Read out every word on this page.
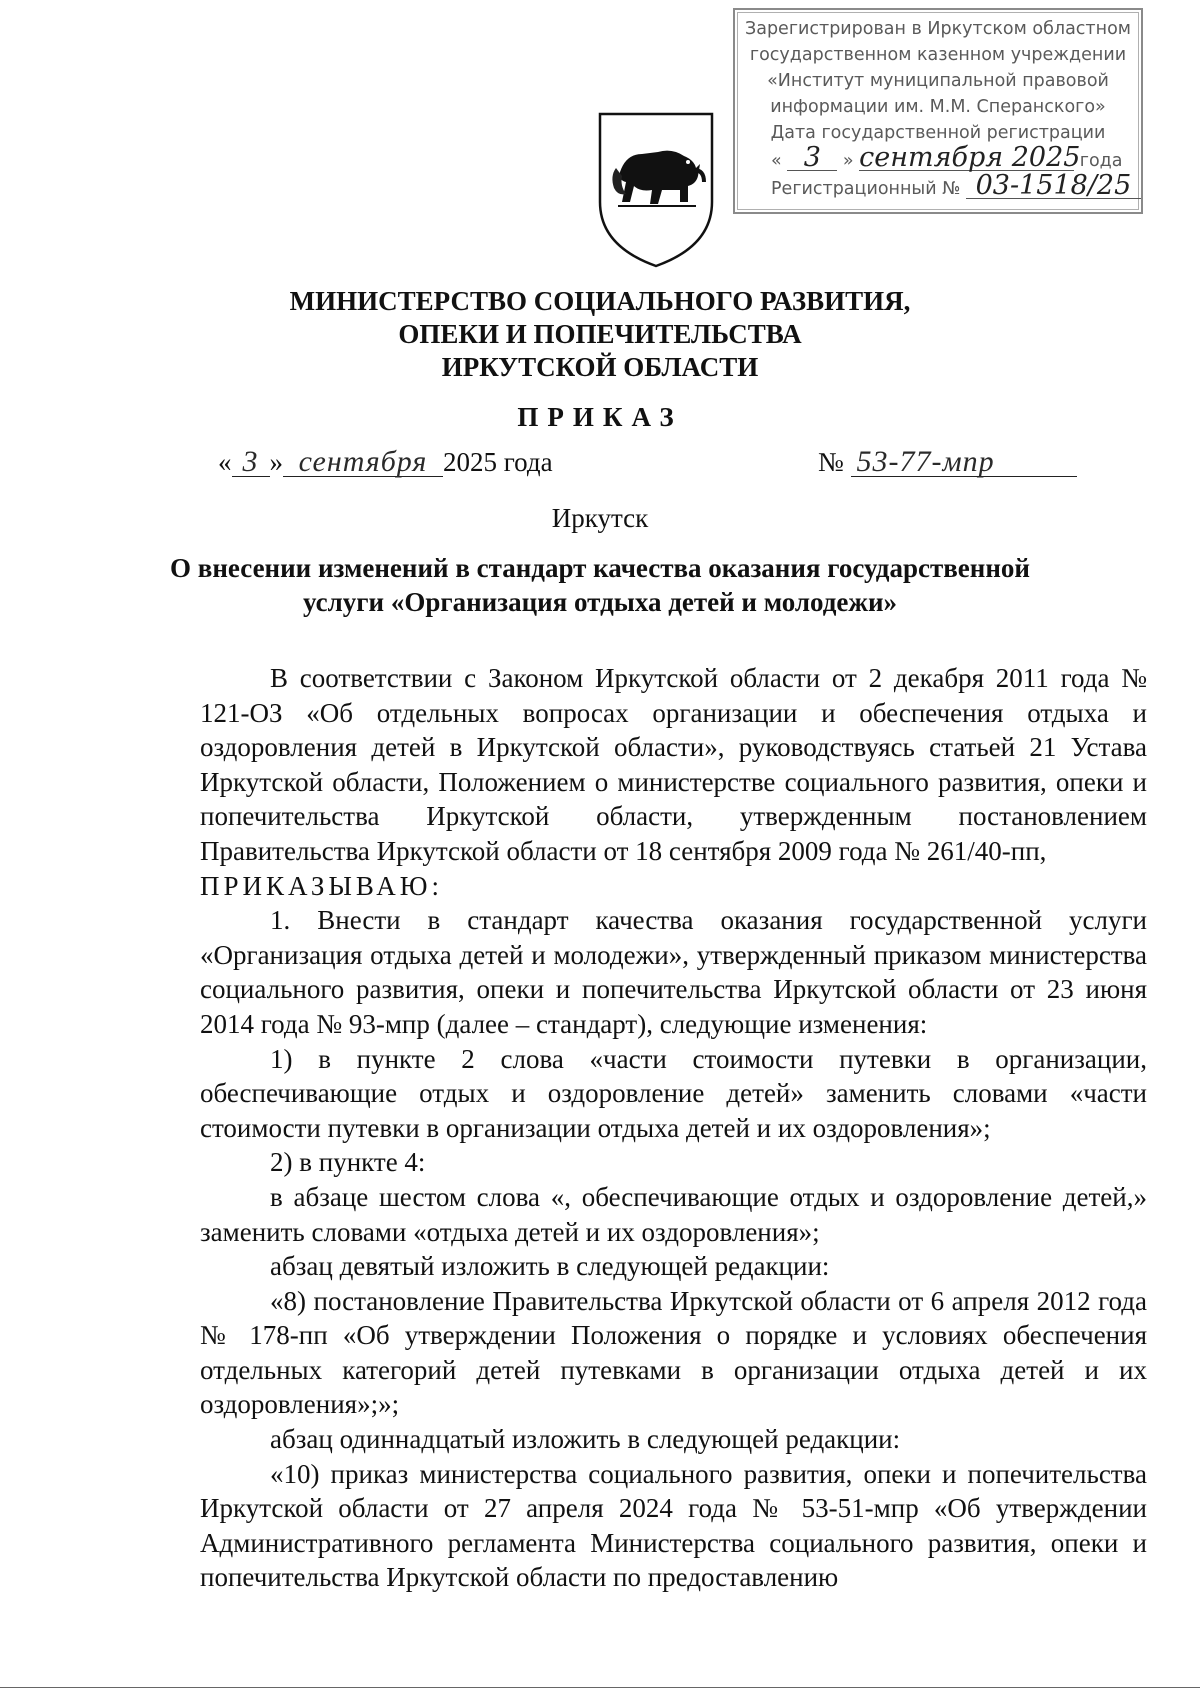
Зарегистрирован в Иркутском областном
государственном казенном учреждении
«Институт муниципальной правовой
информации им. М.М. Сперанского»
Дата государственной регистрации
« 3 » сентября 2025 года
Регистрационный № 03-1518/25
МИНИСТЕРСТВО СОЦИАЛЬНОГО РАЗВИТИЯ,
ОПЕКИ И ПОПЕЧИТЕЛЬСТВА
ИРКУТСКОЙ ОБЛАСТИ
ПРИКАЗ
« 3 » сентября 2025 года	№ 53-77-мпр
Иркутск
О внесении изменений в стандарт качества оказания государственной
услуги «Организация отдыха детей и молодежи»

В соответствии с Законом Иркутской области от 2 декабря 2011 года № 121-ОЗ «Об отдельных вопросах организации и обеспечения отдыха и оздоровления детей в Иркутской области», руководствуясь статьей 21 Устава Иркутской области, Положением о министерстве социального развития, опеки и попечительства Иркутской области, утвержденным постановлением Правительства Иркутской области от 18 сентября 2009 года № 261/40-пп,

ПРИКАЗЫВАЮ:

1. Внести в стандарт качества оказания государственной услуги «Организация отдыха детей и молодежи», утвержденный приказом министерства социального развития, опеки и попечительства Иркутской области от 23 июня 2014 года № 93-мпр (далее – стандарт), следующие изменения:

1) в пункте 2 слова «части стоимости путевки в организации, обеспечивающие отдых и оздоровление детей» заменить словами «части стоимости путевки в организации отдыха детей и их оздоровления»;

2) в пункте 4:

в абзаце шестом слова «, обеспечивающие отдых и оздоровление детей,» заменить словами «отдыха детей и их оздоровления»;

абзац девятый изложить в следующей редакции:

«8) постановление Правительства Иркутской области от 6 апреля 2012 года № 178-пп «Об утверждении Положения о порядке и условиях обеспечения отдельных категорий детей путевками в организации отдыха детей и их оздоровления»;»;

абзац одиннадцатый изложить в следующей редакции:

«10) приказ министерства социального развития, опеки и попечительства Иркутской области от 27 апреля 2024 года № 53-51-мпр «Об утверждении Административного регламента Министерства социального развития, опеки и попечительства Иркутской области по предоставлению
